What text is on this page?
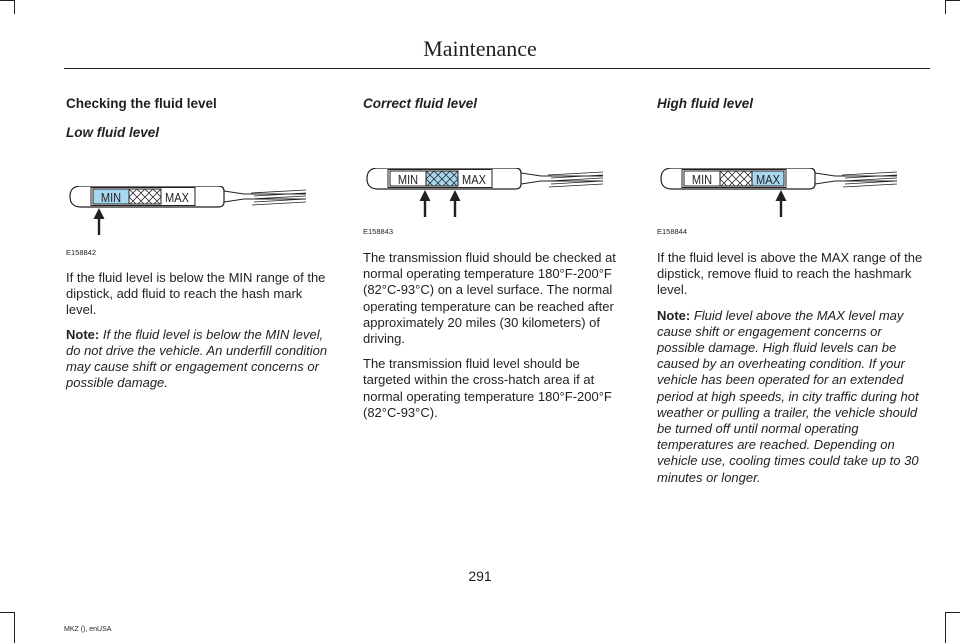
Maintenance

Checking the fluid level

Low fluid level

MIN	MAX

E158842

If the fluid level is below the MIN range of the dipstick, add fluid to reach the hash mark level.

Note: If the fluid level is below the MIN level, do not drive the vehicle. An underfill condition may cause shift or engagement concerns or possible damage.

Correct fluid level

MIN	MAX

E158843

The transmission fluid should be checked at normal operating temperature 180°F-200°F (82°C-93°C) on a level surface. The normal operating temperature can be reached after approximately 20 miles (30 kilometers) of driving.

The transmission fluid level should be targeted within the cross-hatch area if at normal operating temperature 180°F-200°F (82°C-93°C).

High fluid level

MIN	MAX

E158844

If the fluid level is above the MAX range of the dipstick, remove fluid to reach the hashmark level.

Note: Fluid level above the MAX level may cause shift or engagement concerns or possible damage. High fluid levels can be caused by an overheating condition. If your vehicle has been operated for an extended period at high speeds, in city traffic during hot weather or pulling a trailer, the vehicle should be turned off until normal operating temperatures are reached. Depending on vehicle use, cooling times could take up to 30 minutes or longer.

291
MKZ (), enUSA
